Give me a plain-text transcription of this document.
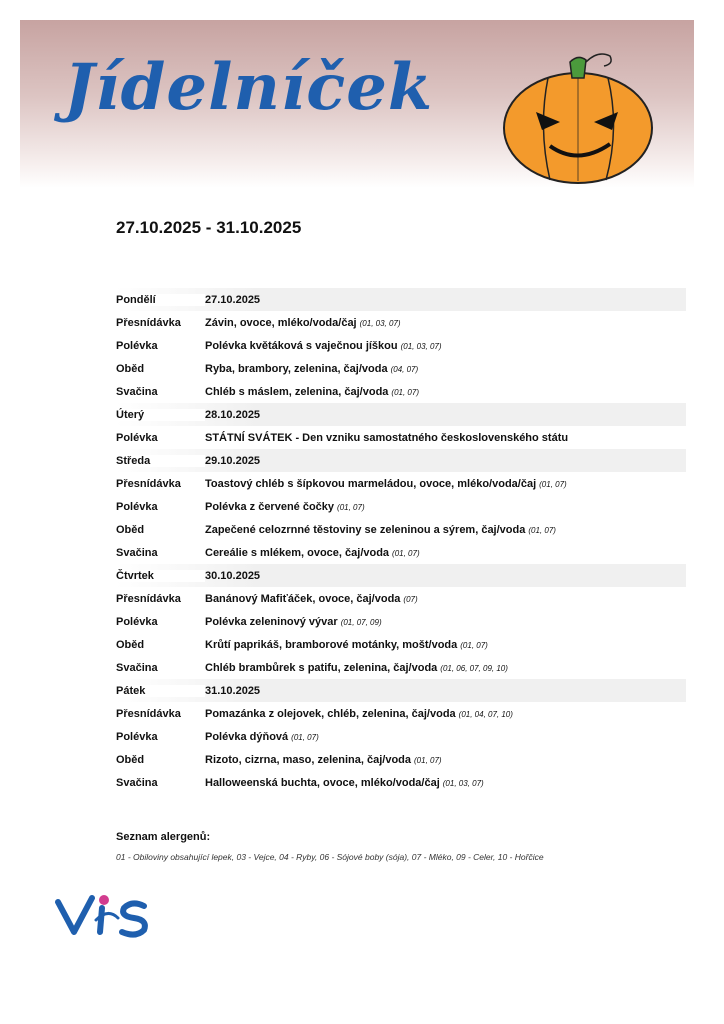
Jídelníček
27.10.2025 - 31.10.2025
Pondělí	27.10.2025
Přesnídávka	Závin, ovoce, mléko/voda/čaj (01, 03, 07)
Polévka	Polévka květáková s vaječnou jíškou (01, 03, 07)
Oběd	Ryba, brambory, zelenina, čaj/voda (04, 07)
Svačina	Chléb s máslem, zelenina, čaj/voda (01, 07)
Úterý	28.10.2025
Polévka	STÁTNÍ SVÁTEK - Den vzniku samostatného československého státu
Středa	29.10.2025
Přesnídávka	Toastový chléb s šípkovou marmeládou, ovoce, mléko/voda/čaj (01, 07)
Polévka	Polévka z červené čočky (01, 07)
Oběd	Zapečené celozrnné těstoviny se zeleninou a sýrem, čaj/voda (01, 07)
Svačina	Cereálie s mlékem, ovoce, čaj/voda (01, 07)
Čtvrtek	30.10.2025
Přesnídávka	Banánový Mafiťáček, ovoce, čaj/voda (07)
Polévka	Polévka zeleninový vývar (01, 07, 09)
Oběd	Krůtí paprikáš, bramborové motánky, mošt/voda (01, 07)
Svačina	Chléb brambůrek s patifu, zelenina, čaj/voda (01, 06, 07, 09, 10)
Pátek	31.10.2025
Přesnídávka	Pomazánka z olejovek, chléb, zelenina, čaj/voda (01, 04, 07, 10)
Polévka	Polévka dýňová (01, 07)
Oběd	Rizoto, cizrna, maso, zelenina, čaj/voda (01, 07)
Svačina	Halloweenská buchta, ovoce, mléko/voda/čaj (01, 03, 07)
Seznam alergenů:
01 - Obiloviny obsahující lepek, 03 - Vejce, 04 - Ryby, 06 - Sójové boby (sója), 07 - Mléko, 09 - Celer, 10 - Hořčice
